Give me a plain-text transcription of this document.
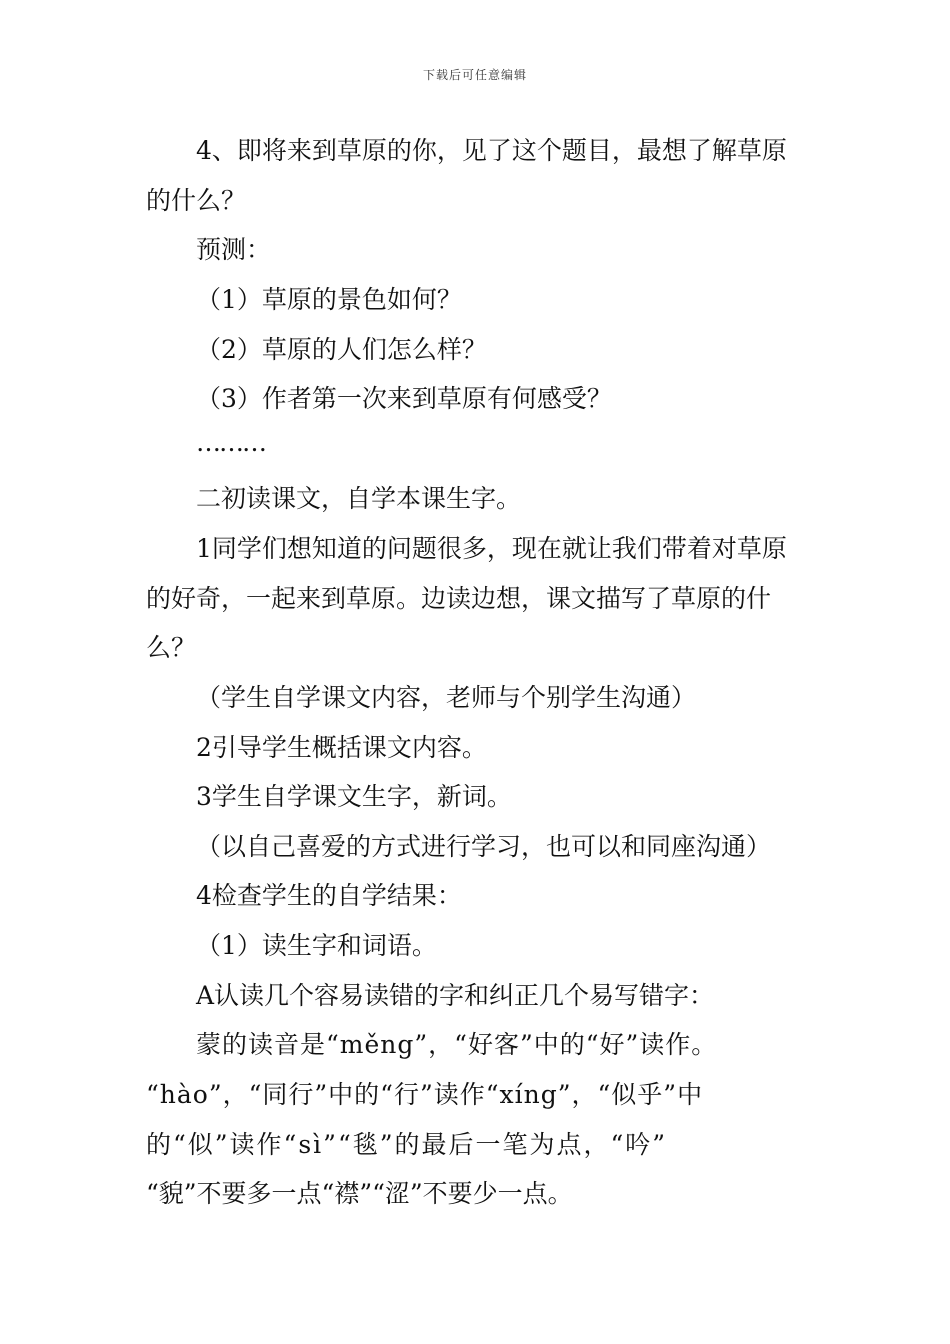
下载后可任意编辑
4、即将来到草原的你，见了这个题目，最想了解草原
的什么？
预测：
（1）草原的景色如何？
（2）草原的人们怎么样？
（3）作者第一次来到草原有何感受？
………
二初读课文，自学本课生字。
1同学们想知道的问题很多，现在就让我们带着对草原
的好奇，一起来到草原。边读边想，课文描写了草原的什
么？
（学生自学课文内容，老师与个别学生沟通）
2引导学生概括课文内容。
3学生自学课文生字，新词。
（以自己喜爱的方式进行学习，也可以和同座沟通）
4检查学生的自学结果：
（1）读生字和词语。
A认读几个容易读错的字和纠正几个易写错字：
蒙的读音是“měng”，“好客”中的“好”读作。
“hào”，“同行”中的“行”读作“xíng”，“似乎”中
的“似”读作“sì”“毯”的最后一笔为点，“吟”
“貌”不要多一点“襟”“涩”不要少一点。
